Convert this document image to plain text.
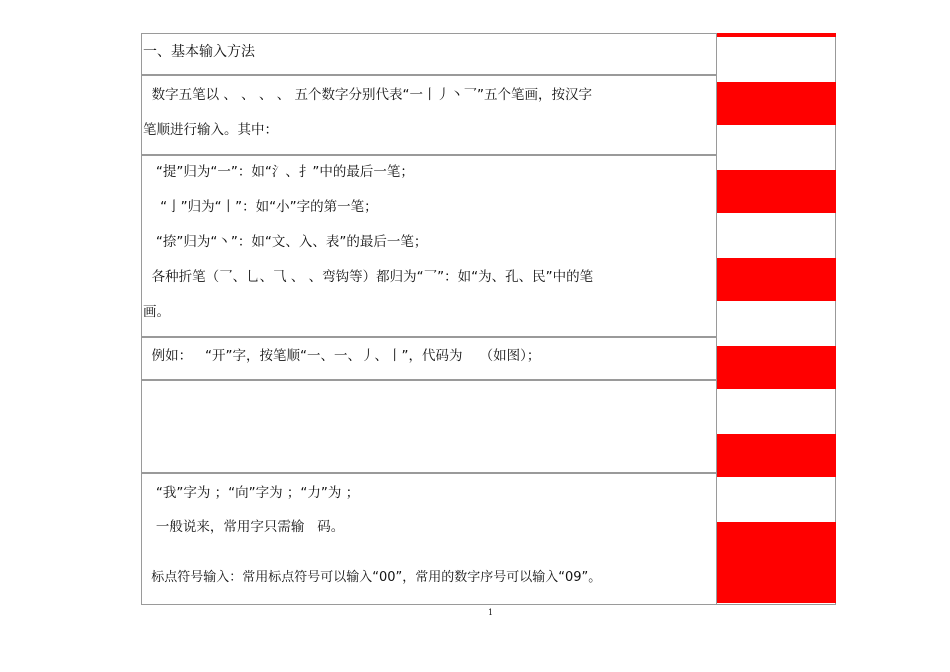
一、基本输入方法
数字五笔以 、 、 、 、 五个数字分别代表“一丨丿丶乛”五个笔画，按汉字
笔顺进行输入。其中：
“提”归为“一”：如“氵、扌”中的最后一笔；
“亅”归为“丨”：如“小”字的第一笔；
“捺”归为“丶”：如“文、入、表”的最后一笔；
各种折笔（乛、乚、⺄ 、 、弯钩等）都归为“乛”：如“为、孔、民”中的笔
画。
例如： “开”字，按笔顺“一、一、丿、丨”，代码为 （如图）；
“我”字为 ；“向”字为 ；“力”为 ；
一般说来，常用字只需输 码。
标点符号输入：常用标点符号可以输入“00”，常用的数字序号可以输入“09”。
1
